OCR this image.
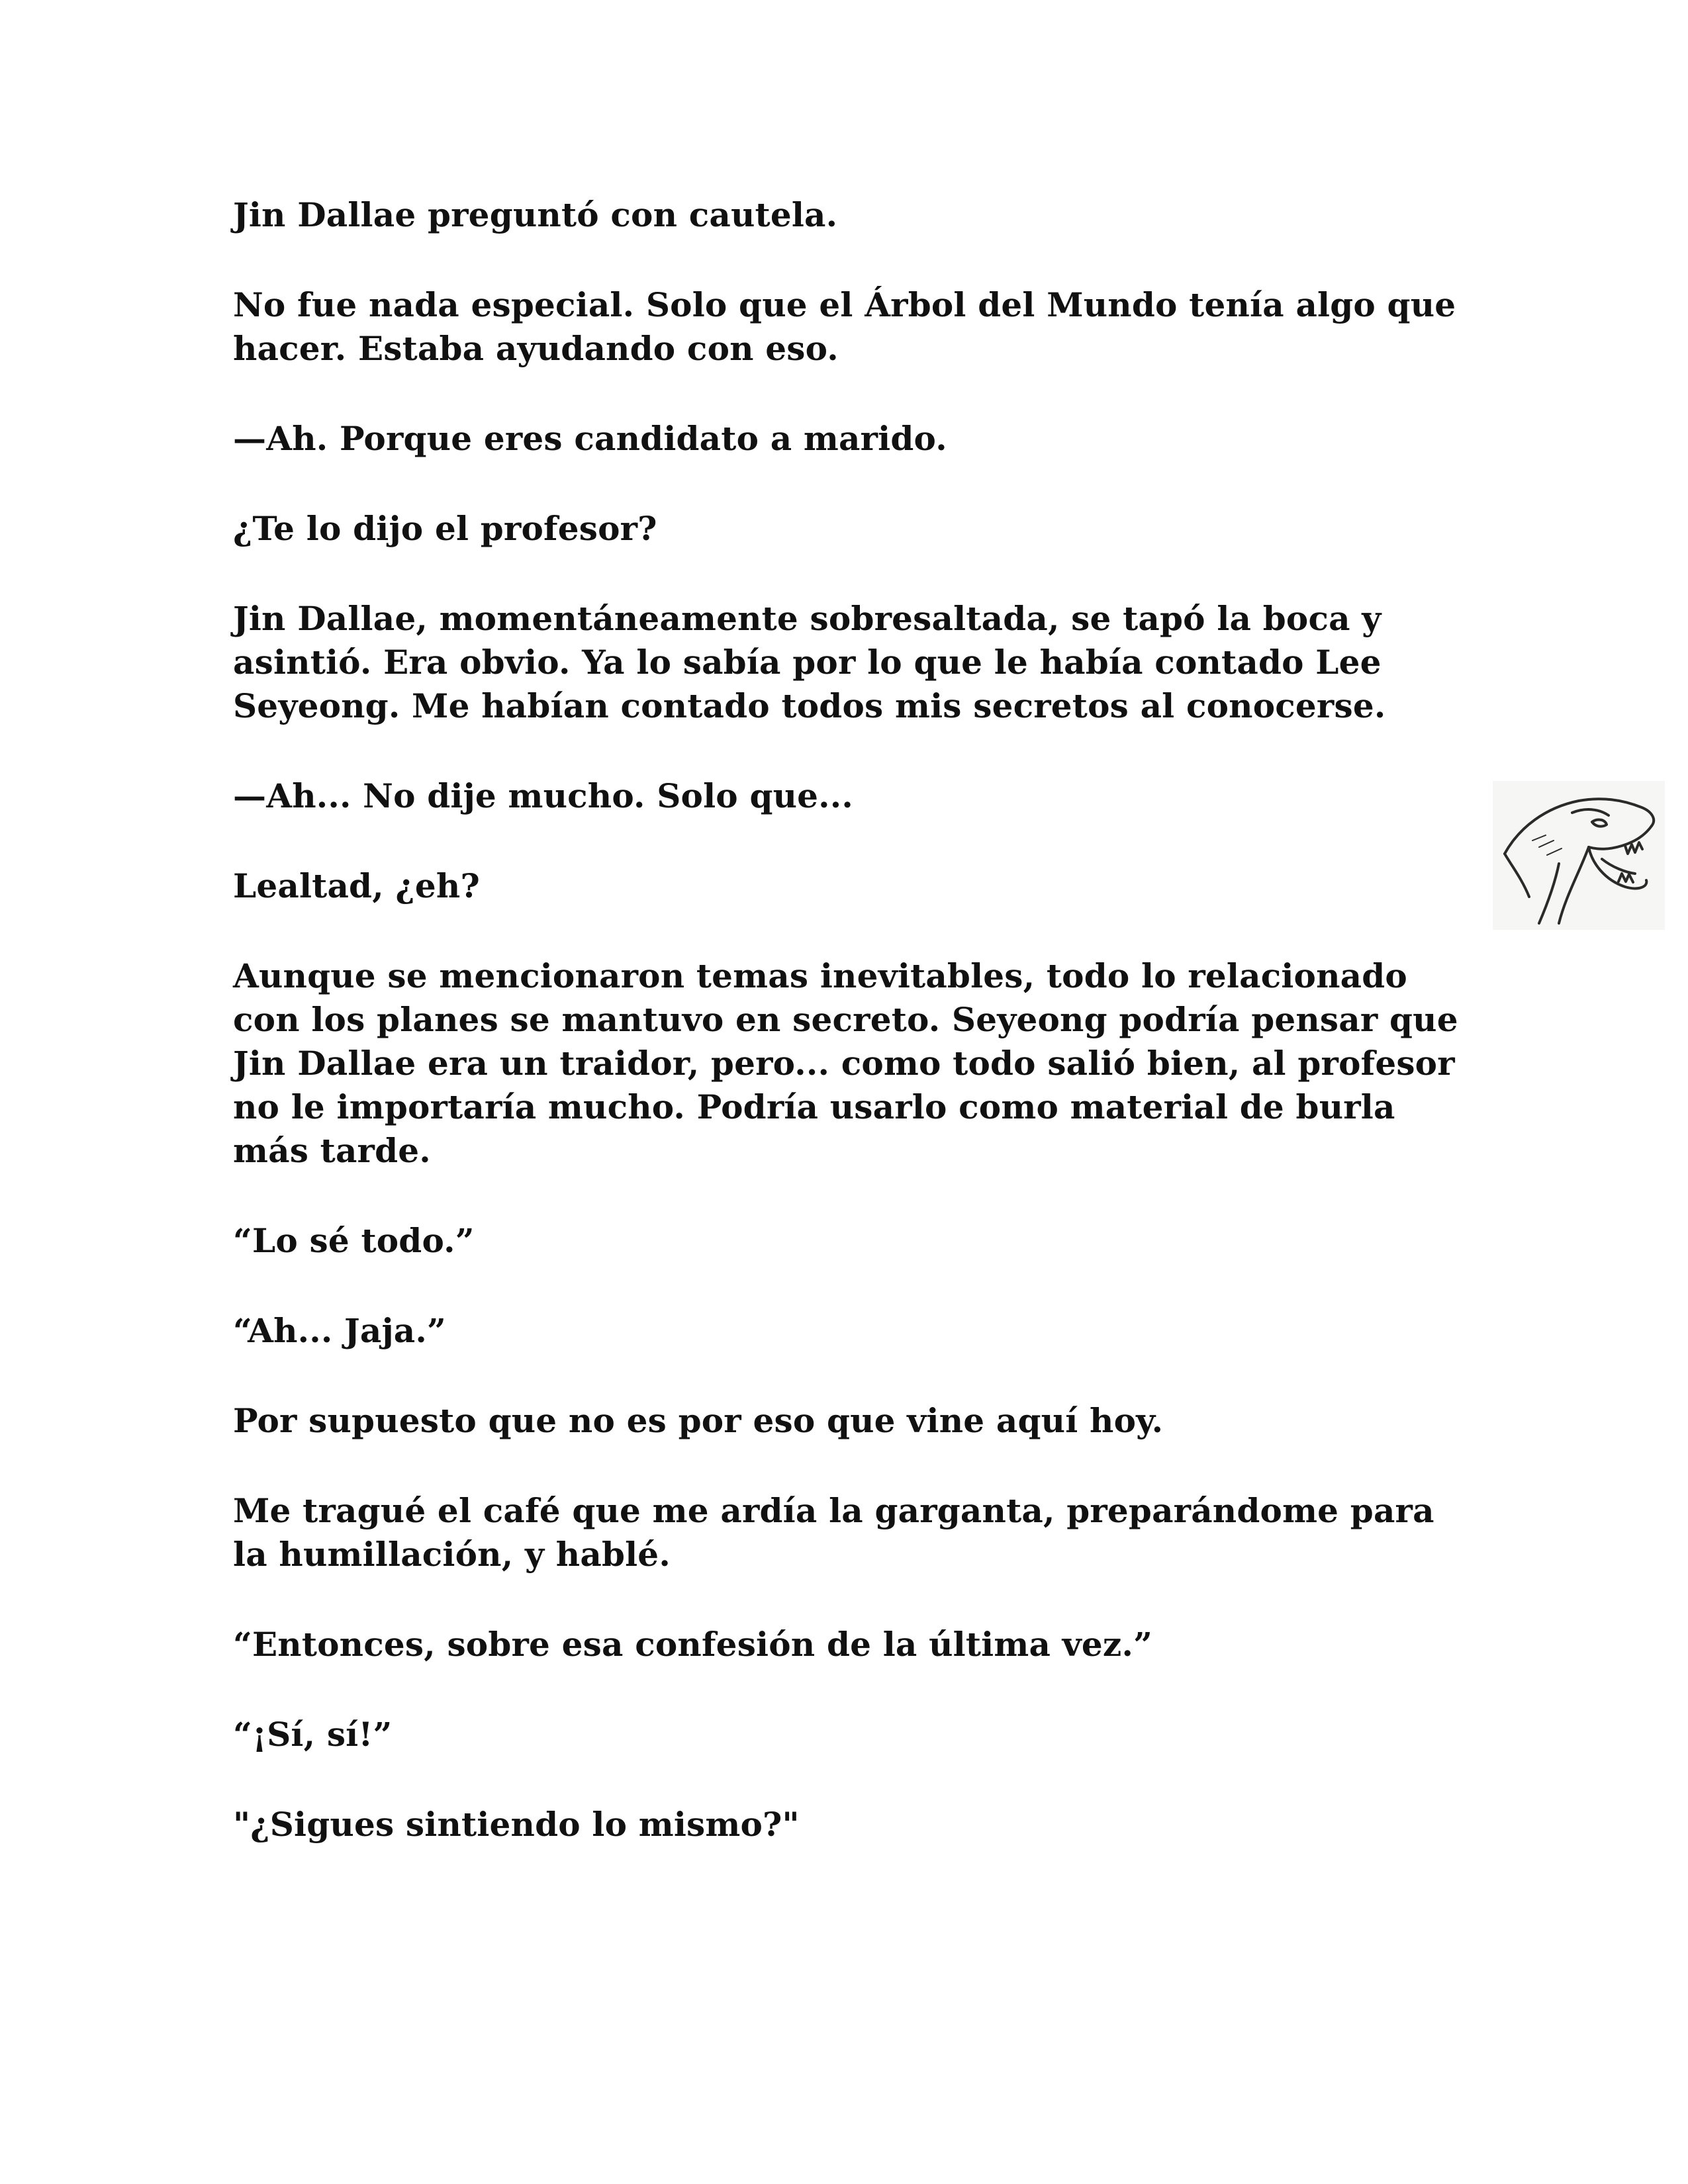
Jin Dallae preguntó con cautela.

No fue nada especial. Solo que el Árbol del Mundo tenía algo que hacer. Estaba ayudando con eso.

—Ah. Porque eres candidato a marido.

¿Te lo dijo el profesor?

Jin Dallae, momentáneamente sobresaltada, se tapó la boca y asintió. Era obvio. Ya lo sabía por lo que le había contado Lee Seyeong. Me habían contado todos mis secretos al conocerse.

—Ah... No dije mucho. Solo que...

Lealtad, ¿eh?

Aunque se mencionaron temas inevitables, todo lo relacionado con los planes se mantuvo en secreto. Seyeong podría pensar que Jin Dallae era un traidor, pero... como todo salió bien, al profesor no le importaría mucho. Podría usarlo como material de burla más tarde.

“Lo sé todo.”

“Ah... Jaja.”

Por supuesto que no es por eso que vine aquí hoy.

Me tragué el café que me ardía la garganta, preparándome para la humillación, y hablé.

“Entonces, sobre esa confesión de la última vez.”

“¡Sí, sí!”

"¿Sigues sintiendo lo mismo?"
